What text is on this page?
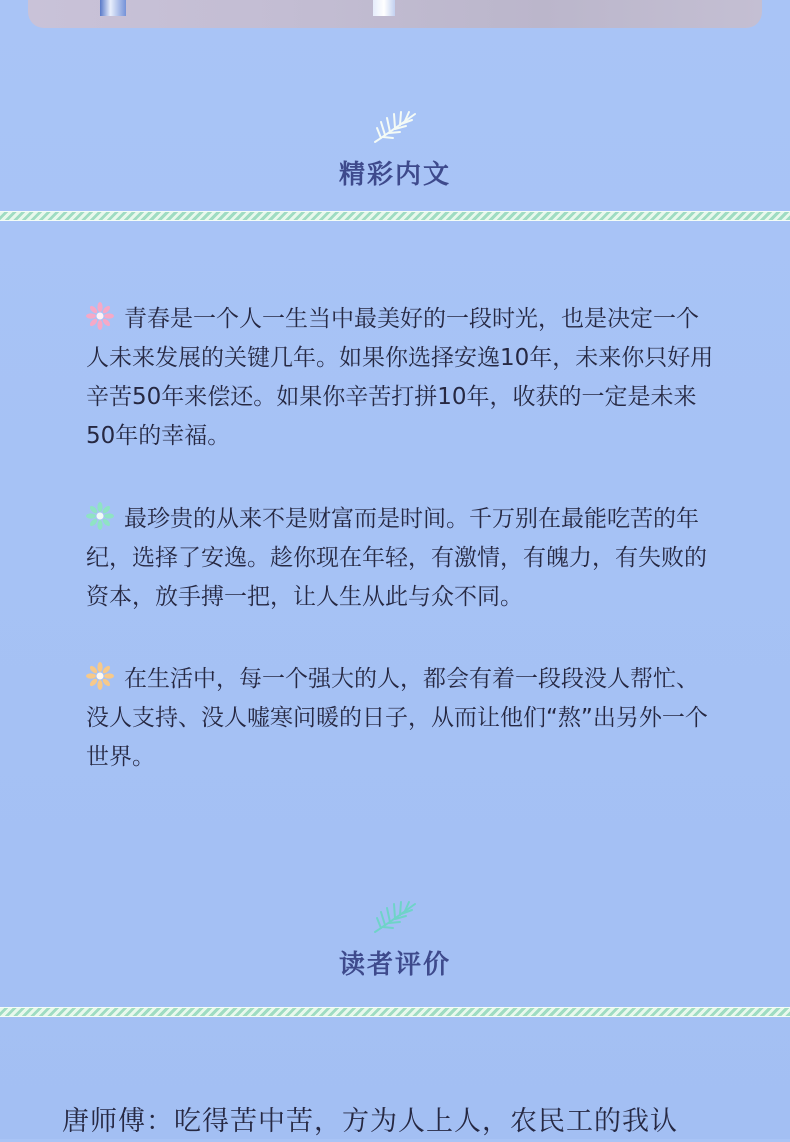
精彩内文

青春是一个人一生当中最美好的一段时光，也是决定一个人未来发展的关键几年。如果你选择安逸10年，未来你只好用辛苦50年来偿还。如果你辛苦打拼10年，收获的一定是未来50年的幸福。

最珍贵的从来不是财富而是时间。千万别在最能吃苦的年纪，选择了安逸。趁你现在年轻，有激情，有魄力，有失败的资本，放手搏一把，让人生从此与众不同。

在生活中，每一个强大的人，都会有着一段段没人帮忙、没人支持、没人嘘寒问暖的日子，从而让他们“熬”出另外一个世界。

读者评价
唐师傅：吃得苦中苦，方为人上人，农民工的我认
